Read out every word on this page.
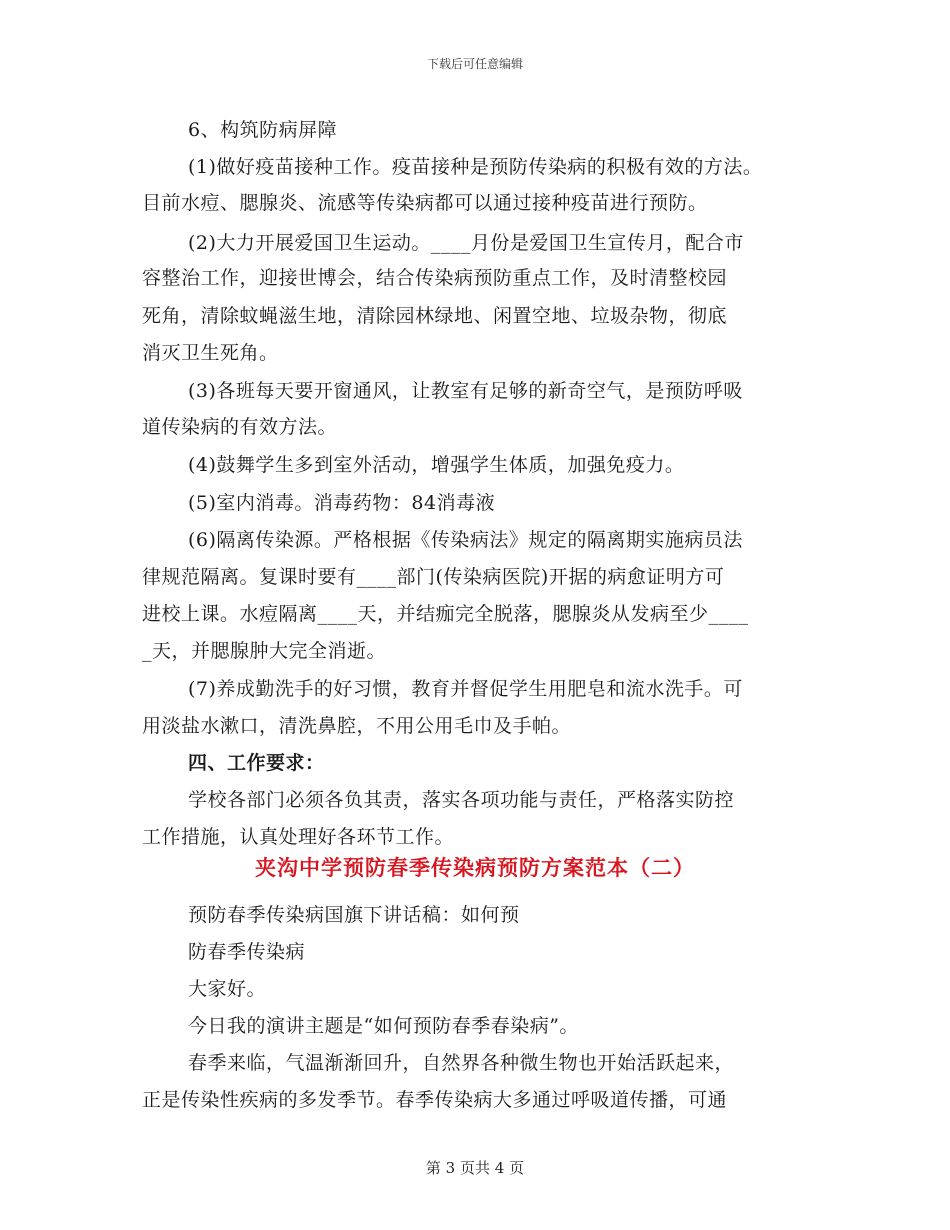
下载后可任意编辑
6、构筑防病屏障
(1)做好疫苗接种工作。疫苗接种是预防传染病的积极有效的方法。
目前水痘、腮腺炎、流感等传染病都可以通过接种疫苗进行预防。
(2)大力开展爱国卫生运动。____月份是爱国卫生宣传月，配合市
容整治工作，迎接世博会，结合传染病预防重点工作，及时清整校园
死角，清除蚊蝇滋生地，清除园林绿地、闲置空地、垃圾杂物，彻底
消灭卫生死角。
(3)各班每天要开窗通风，让教室有足够的新奇空气，是预防呼吸
道传染病的有效方法。
(4)鼓舞学生多到室外活动，增强学生体质，加强免疫力。
(5)室内消毒。消毒药物：84消毒液
(6)隔离传染源。严格根据《传染病法》规定的隔离期实施病员法
律规范隔离。复课时要有____部门(传染病医院)开据的病愈证明方可
进校上课。水痘隔离____天，并结痂完全脱落，腮腺炎从发病至少____
_天，并腮腺肿大完全消逝。
(7)养成勤洗手的好习惯，教育并督促学生用肥皂和流水洗手。可
用淡盐水漱口，清洗鼻腔，不用公用毛巾及手帕。
四、工作要求：
学校各部门必须各负其责，落实各项功能与责任，严格落实防控
工作措施，认真处理好各环节工作。
夹沟中学预防春季传染病预防方案范本（二）
预防春季传染病国旗下讲话稿：如何预
防春季传染病
大家好。
今日我的演讲主题是“如何预防春季春染病”。
春季来临，气温渐渐回升，自然界各种微生物也开始活跃起来，
正是传染性疾病的多发季节。春季传染病大多通过呼吸道传播，可通
第 3 页共 4 页
